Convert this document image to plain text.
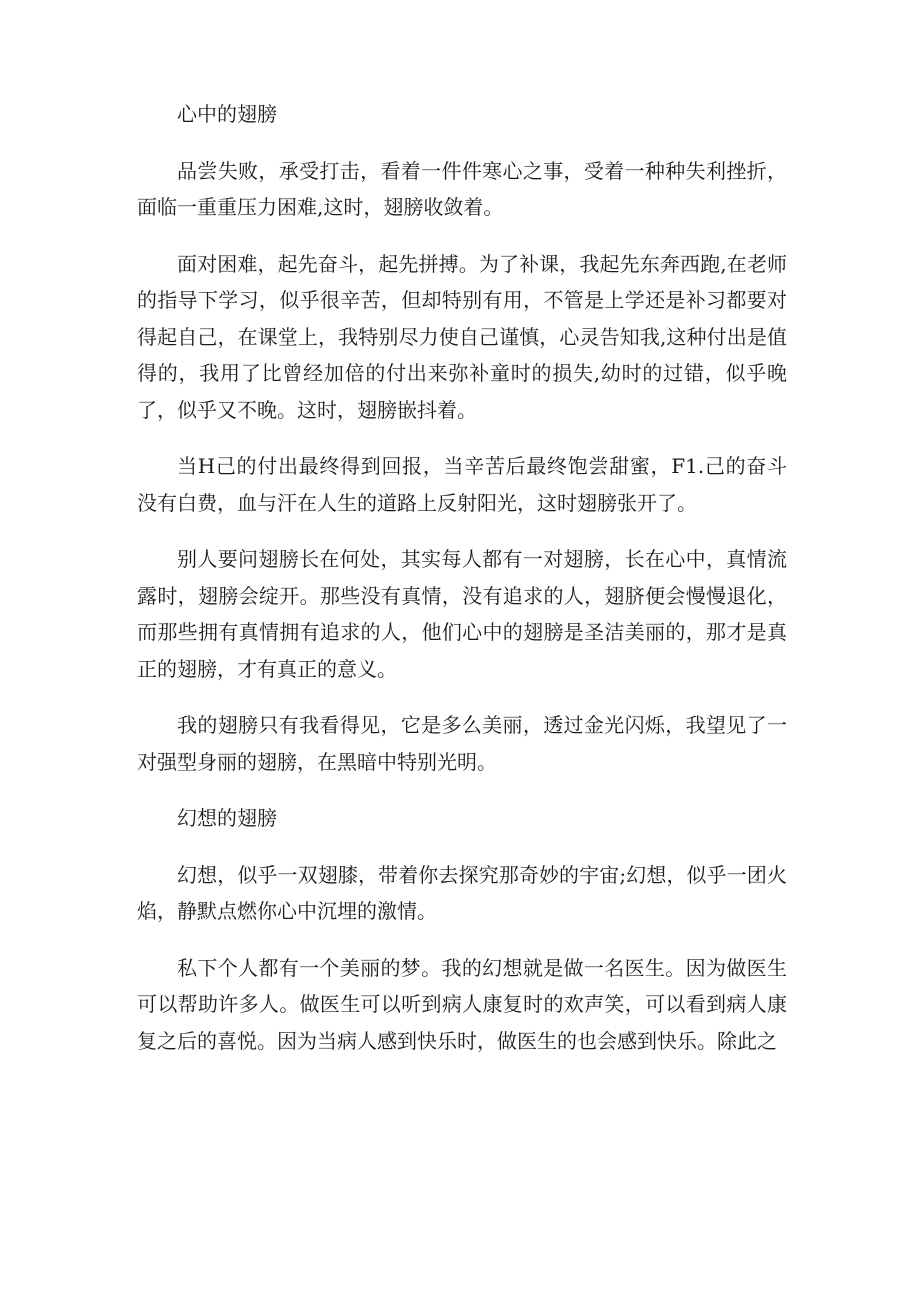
心中的翅膀

品尝失败，承受打击，看着一件件寒心之事，受着一种种失利挫折，面临一重重压力困难,这时，翅膀收敛着。

面对困难，起先奋斗，起先拼搏。为了补课，我起先东奔西跑,在老师的指导下学习，似乎很辛苦，但却特别有用，不管是上学还是补习都要对得起自己，在课堂上，我特别尽力使自己谨慎，心灵告知我,这种付出是值得的，我用了比曾经加倍的付出来弥补童时的损失,幼时的过错，似乎晚了，似乎又不晚。这时，翅膀嵌抖着。

当H己的付出最终得到回报，当辛苦后最终饱尝甜蜜，F1.己的奋斗没有白费，血与汗在人生的道路上反射阳光，这时翅膀张开了。

别人要问翅膀长在何处，其实每人都有一对翅膀，长在心中，真情流露时，翅膀会绽开。那些没有真情，没有追求的人，翅脐便会慢慢退化，而那些拥有真情拥有追求的人，他们心中的翅膀是圣洁美丽的，那才是真正的翅膀，才有真正的意义。

我的翅膀只有我看得见，它是多么美丽，透过金光闪烁，我望见了一对强型身丽的翅膀，在黑暗中特别光明。

幻想的翅膀

幻想，似乎一双翅膝，带着你去探究那奇妙的宇宙;幻想，似乎一团火焰，静默点燃你心中沉埋的激情。

私下个人都有一个美丽的梦。我的幻想就是做一名医生。因为做医生可以帮助许多人。做医生可以听到病人康复时的欢声笑，可以看到病人康复之后的喜悦。因为当病人感到快乐时，做医生的也会感到快乐。除此之
